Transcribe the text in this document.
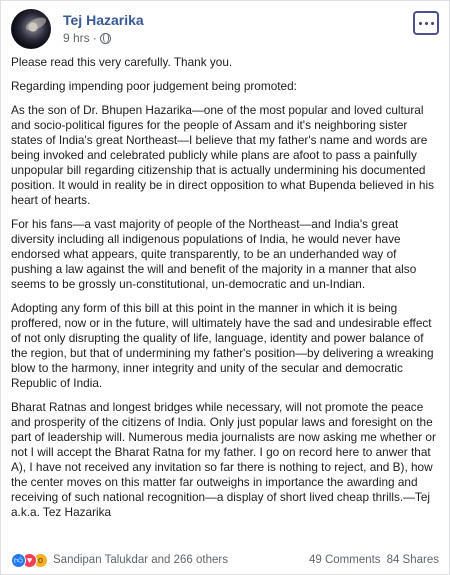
Tej Hazarika
9 hrs ·

Please read this very carefully. Thank you.

Regarding impending poor judgement being promoted:

As the son of Dr. Bhupen Hazarika—one of the most popular and loved cultural and socio-political figures for the people of Assam and it's neighboring sister states of India's great Northeast—I believe that my father's name and words are being invoked and celebrated publicly while plans are afoot to pass a painfully unpopular bill regarding citizenship that is actually undermining his documented position. It would in reality be in direct opposition to what Bupenda believed in his heart of hearts.

For his fans—a vast majority of people of the Northeast—and India's great diversity including all indigenous populations of India, he would never have endorsed what appears, quite transparently, to be an underhanded way of pushing a law against the will and benefit of the majority in a manner that also seems to be grossly un-constitutional, un-democratic and un-Indian.

Adopting any form of this bill at this point in the manner in which it is being proffered, now or in the future, will ultimately have the sad and undesirable effect of not only disrupting the quality of life, language, identity and power balance of the region, but that of undermining my father's position—by delivering a wreaking blow to the harmony, inner integrity and unity of the secular and democratic Republic of India.

Bharat Ratnas and longest bridges while necessary, will not promote the peace and prosperity of the citizens of India. Only just popular laws and foresight on the part of leadership will. Numerous media journalists are now asking me whether or not I will accept the Bharat Ratna for my father. I go on record here to anwer that A), I have not received any invitation so far there is nothing to reject, and B), how the center moves on this matter far outweighs in importance the awarding and receiving of such national recognition—a display of short lived cheap thrills.—Tej a.k.a. Tez Hazarika

👍︎ ♥ o Sandipan Talukdar and 266 others	49 Comments 84 Shares
